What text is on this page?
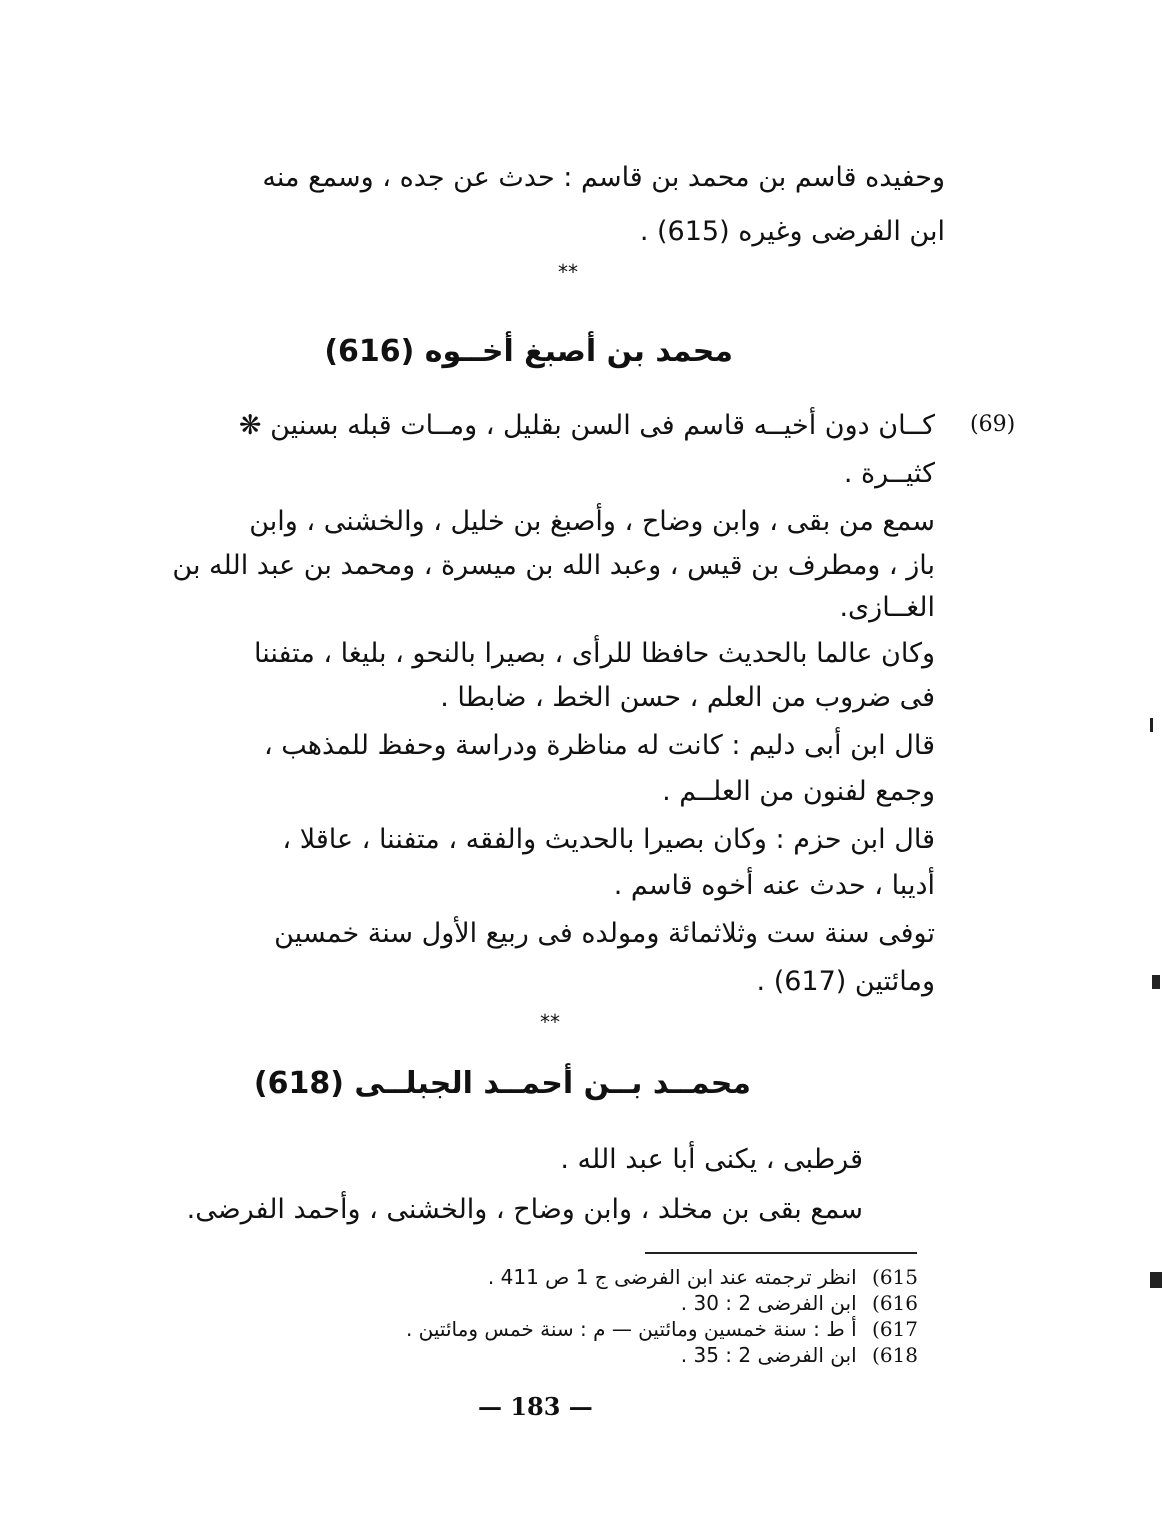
وحفيده قاسم بن محمد بن قاسم : حدث عن جده ، وسمع منه
ابن الفرضى وغيره (615) .
**
محمد بن أصبغ أخــوه (616)
(69)
كــان دون أخيــه قاسم فى السن بقليل ، ومــات قبله بسنين ❋
كثيــرة .
سمع من بقى ، وابن وضاح ، وأصبغ بن خليل ، والخشنى ، وابن
باز ، ومطرف بن قيس ، وعبد الله بن ميسرة ، ومحمد بن عبد الله بن
الغــازى.
وكان عالما بالحديث حافظا للرأى ، بصيرا بالنحو ، بليغا ، متفننا
فى ضروب من العلم ، حسن الخط ، ضابطا .
قال ابن أبى دليم : كانت له مناظرة ودراسة وحفظ للمذهب ،
وجمع لفنون من العلــم .
قال ابن حزم : وكان بصيرا بالحديث والفقه ، متفننا ، عاقلا ،
أديبا ، حدث عنه أخوه قاسم .
توفى سنة ست وثلاثمائة ومولده فى ربيع الأول سنة خمسين
ومائتين (617) .
**
محمــد بــن أحمــد الجبلــى (618)
قرطبى ، يكنى أبا عبد الله .
سمع بقى بن مخلد ، وابن وضاح ، والخشنى ، وأحمد الفرضى.
615) انظر ترجمته عند ابن الفرضى ج 1 ص 411 .
616) ابن الفرضى 2 : 30 .
617) أ ط : سنة خمسين ومائتين — م : سنة خمس ومائتين .
618) ابن الفرضى 2 : 35 .
— 183 —
